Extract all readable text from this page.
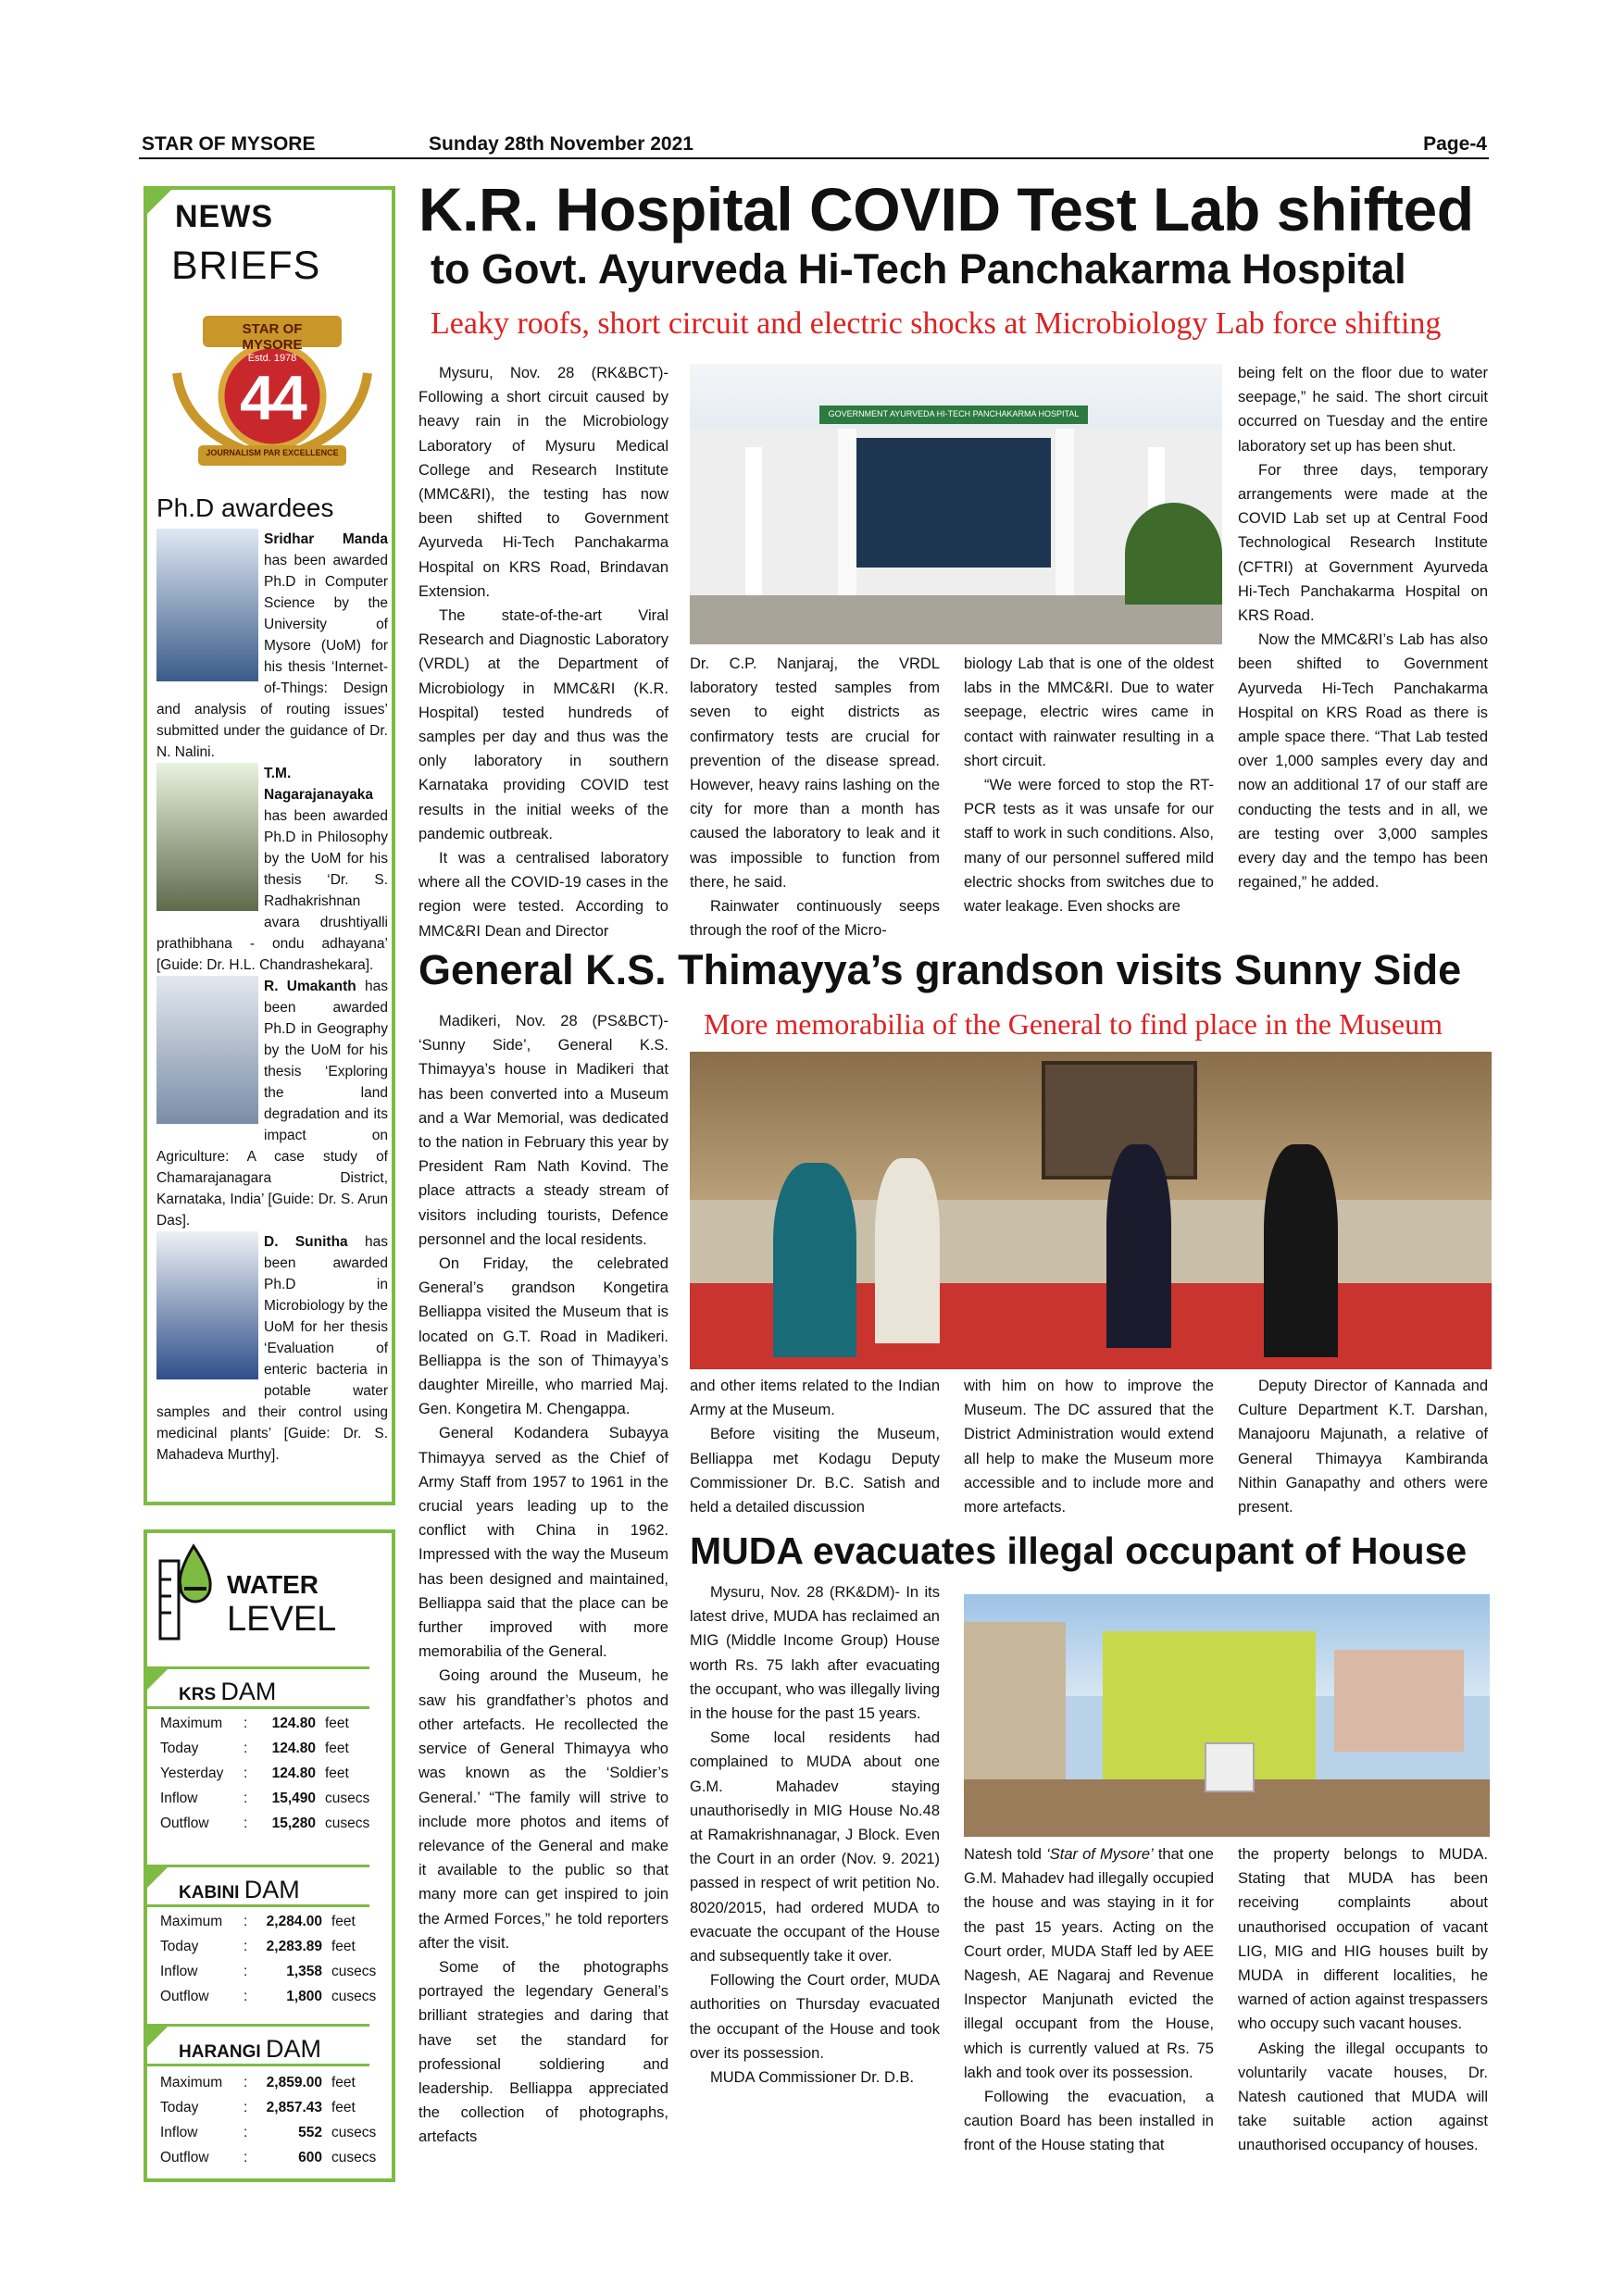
STAR OF MYSORE	Sunday 28th November 2021	Page-4
NEWS
BRIEFS
STAR OF MYSORE
Estd. 1978
44
JOURNALISM PAR EXCELLENCE
Ph.D awardees

Sridhar Manda has been awarded Ph.D in Computer Science by the University of Mysore (UoM) for his thesis ‘Internet-of-Things: Design and analysis of routing issues’ submitted under the guidance of Dr. N. Nalini.

T.M. Nagarajanayaka has been awarded Ph.D in Philosophy by the UoM for his thesis ‘Dr. S. Radhakrishnan avara drushtiyalli prathibhana - ondu adhayana’ [Guide: Dr. H.L. Chandrashekara].

R. Umakanth has been awarded Ph.D in Geography by the UoM for his thesis ‘Exploring the land degradation and its impact on Agriculture: A case study of Chamarajanagara District, Karnataka, India’ [Guide: Dr. S. Arun Das].

D. Sunitha has been awarded Ph.D in Microbiology by the UoM for her thesis ‘Evaluation of enteric bacteria in potable water samples and their control using medicinal plants’ [Guide: Dr. S. Mahadeva Murthy].

WATER
LEVEL
KRS DAM
Maximum : 124.80 feet
Today	: 124.80 feet
Yesterday : 124.80 feet
Inflow	: 15,490 cusecs
Outflow : 15,280 cusecs
KABINI DAM
Maximum : 2,284.00 feet
Today	: 2,283.89 feet
Inflow	:	1,358 cusecs
Outflow :	1,800 cusecs
HARANGI DAM
Maximum : 2,859.00 feet
Today	: 2,857.43 feet
Inflow	:	552 cusecs
Outflow :	600 cusecs
K.R. Hospital COVID Test Lab shifted
to Govt. Ayurveda Hi-Tech Panchakarma Hospital
Leaky roofs, short circuit and electric shocks at Microbiology Lab force shifting

Mysuru, Nov. 28 (RK&BCT)- Following a short circuit caused by heavy rain in the Microbiology Laboratory of Mysuru Medical College and Research Institute (MMC&RI), the testing has now been shifted to Government Ayurveda Hi-Tech Panchakarma Hospital on KRS Road, Brindavan Extension.

The state-of-the-art Viral Research and Diagnostic Laboratory (VRDL) at the Department of Microbiology in MMC&RI (K.R. Hospital) tested hundreds of samples per day and thus was the only laboratory in southern Karnataka providing COVID test results in the initial weeks of the pandemic outbreak.

It was a centralised laboratory where all the COVID-19 cases in the region were tested. According to MMC&RI Dean and Director

GOVERNMENT AYURVEDA HI-TECH PANCHAKARMA HOSPITAL

Dr. C.P. Nanjaraj, the VRDL laboratory tested samples from seven to eight districts as confirmatory tests are crucial for prevention of the disease spread. However, heavy rains lashing on the city for more than a month has caused the laboratory to leak and it was impossible to function from there, he said.

Rainwater continuously seeps through the roof of the Micro-

biology Lab that is one of the oldest labs in the MMC&RI. Due to water seepage, electric wires came in contact with rainwater resulting in a short circuit.

“We were forced to stop the RT-PCR tests as it was unsafe for our staff to work in such conditions. Also, many of our personnel suffered mild electric shocks from switches due to water leakage. Even shocks are

being felt on the floor due to water seepage,” he said. The short circuit occurred on Tuesday and the entire laboratory set up has been shut.

For three days, temporary arrangements were made at the COVID Lab set up at Central Food Technological Research Institute (CFTRI) at Government Ayurveda Hi-Tech Panchakarma Hospital on KRS Road.

Now the MMC&RI’s Lab has also been shifted to Government Ayurveda Hi-Tech Panchakarma Hospital on KRS Road as there is ample space there. “That Lab tested over 1,000 samples every day and now an additional 17 of our staff are conducting the tests and in all, we are testing over 3,000 samples every day and the tempo has been regained,” he added.

General K.S. Thimayya’s grandson visits Sunny Side
More memorabilia of the General to find place in the Museum

Madikeri, Nov. 28 (PS&BCT)- ‘Sunny Side’, General K.S. Thimayya’s house in Madikeri that has been converted into a Museum and a War Memorial, was dedicated to the nation in February this year by President Ram Nath Kovind. The place attracts a steady stream of visitors including tourists, Defence personnel and the local residents.

On Friday, the celebrated General’s grandson Kongetira Belliappa visited the Museum that is located on G.T. Road in Madikeri. Belliappa is the son of Thimayya’s daughter Mireille, who married Maj. Gen. Kongetira M. Chengappa.

General Kodandera Subayya Thimayya served as the Chief of Army Staff from 1957 to 1961 in the crucial years leading up to the conflict with China in 1962. Impressed with the way the Museum has been designed and maintained, Belliappa said that the place can be further improved with more memorabilia of the General.

Going around the Museum, he saw his grandfather’s photos and other artefacts. He recollected the service of General Thimayya who was known as the ‘Soldier’s General.’ “The family will strive to include more photos and items of relevance of the General and make it available to the public so that many more can get inspired to join the Armed Forces,” he told reporters after the visit.

Some of the photographs portrayed the legendary General’s brilliant strategies and daring that have set the standard for professional soldiering and leadership. Belliappa appreciated the collection of photographs, artefacts

and other items related to the Indian Army at the Museum.

Before visiting the Museum, Belliappa met Kodagu Deputy Commissioner Dr. B.C. Satish and held a detailed discussion

with him on how to improve the Museum. The DC assured that the District Administration would extend all help to make the Museum more accessible and to include more and more artefacts.

Deputy Director of Kannada and Culture Department K.T. Darshan, Manajooru Majunath, a relative of General Thimayya Kambiranda Nithin Ganapathy and others were present.

MUDA evacuates illegal occupant of House

Mysuru, Nov. 28 (RK&DM)- In its latest drive, MUDA has reclaimed an MIG (Middle Income Group) House worth Rs. 75 lakh after evacuating the occupant, who was illegally living in the house for the past 15 years.

Some local residents had complained to MUDA about one G.M. Mahadev staying unauthorisedly in MIG House No.48 at Ramakrishnanagar, J Block. Even the Court in an order (Nov. 9. 2021) passed in respect of writ petition No. 8020/2015, had ordered MUDA to evacuate the occupant of the House and subsequently take it over.

Following the Court order, MUDA authorities on Thursday evacuated the occupant of the House and took over its possession.

MUDA Commissioner Dr. D.B.

Natesh told ‘Star of Mysore’ that one G.M. Mahadev had illegally occupied the house and was staying in it for the past 15 years. Acting on the Court order, MUDA Staff led by AEE Nagesh, AE Nagaraj and Revenue Inspector Manjunath evicted the illegal occupant from the House, which is currently valued at Rs. 75 lakh and took over its possession.

Following the evacuation, a caution Board has been installed in front of the House stating that

the property belongs to MUDA. Stating that MUDA has been receiving complaints about unauthorised occupation of vacant LIG, MIG and HIG houses built by MUDA in different localities, he warned of action against trespassers who occupy such vacant houses.

Asking the illegal occupants to voluntarily vacate houses, Dr. Natesh cautioned that MUDA will take suitable action against unauthorised occupancy of houses.
